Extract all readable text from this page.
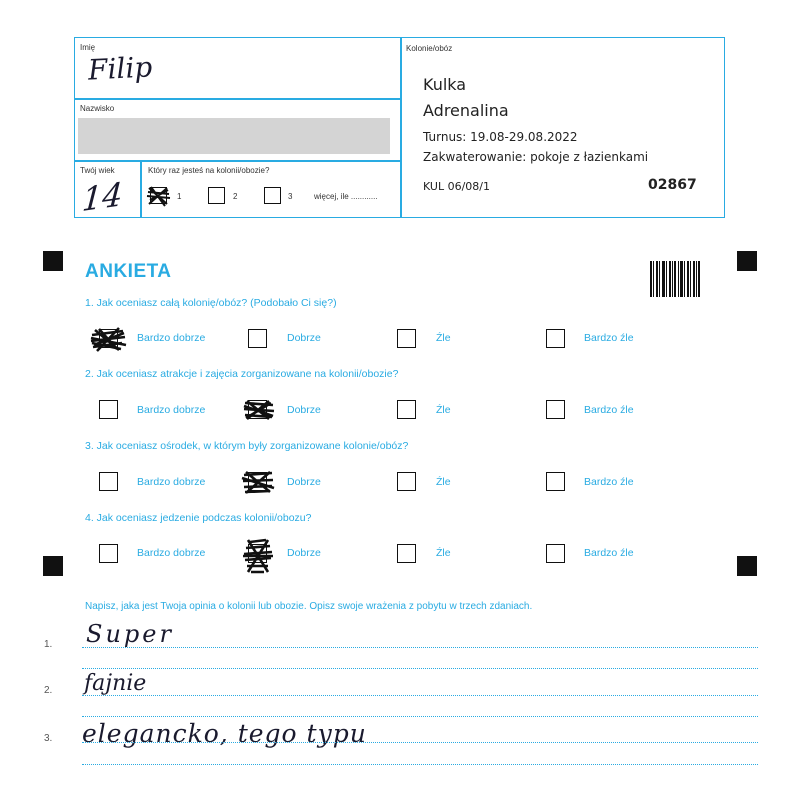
Imię
Filip
Nazwisko
Twój wiek
14
Który raz jesteś na kolonii/obozie?
1	2	3	więcej, ile ............
Kolonie/obóz
Kulka
Adrenalina
Turnus: 19.08-29.08.2022
Zakwaterowanie: pokoje z łazienkami
KUL 06/08/1	02867
ANKIETA
1. Jak oceniasz całą kolonię/obóz? (Podobało Ci się?)
2. Jak oceniasz atrakcje i zajęcia zorganizowane na kolonii/obozie?
3. Jak oceniasz ośrodek, w którym były zorganizowane kolonie/obóz?
4. Jak oceniasz jedzenie podczas kolonii/obozu?
Bardzo dobrze	Dobrze	Źle	Bardzo źle
Bardzo dobrze	Dobrze	Źle	Bardzo źle
Bardzo dobrze	Dobrze	Źle	Bardzo źle
Bardzo dobrze	Dobrze	Źle	Bardzo źle
Napisz, jaka jest Twoja opinia o kolonii lub obozie. Opisz swoje wrażenia z pobytu w trzech zdaniach.
1. Super
2. fajnie
3. elegancko, tego typu
